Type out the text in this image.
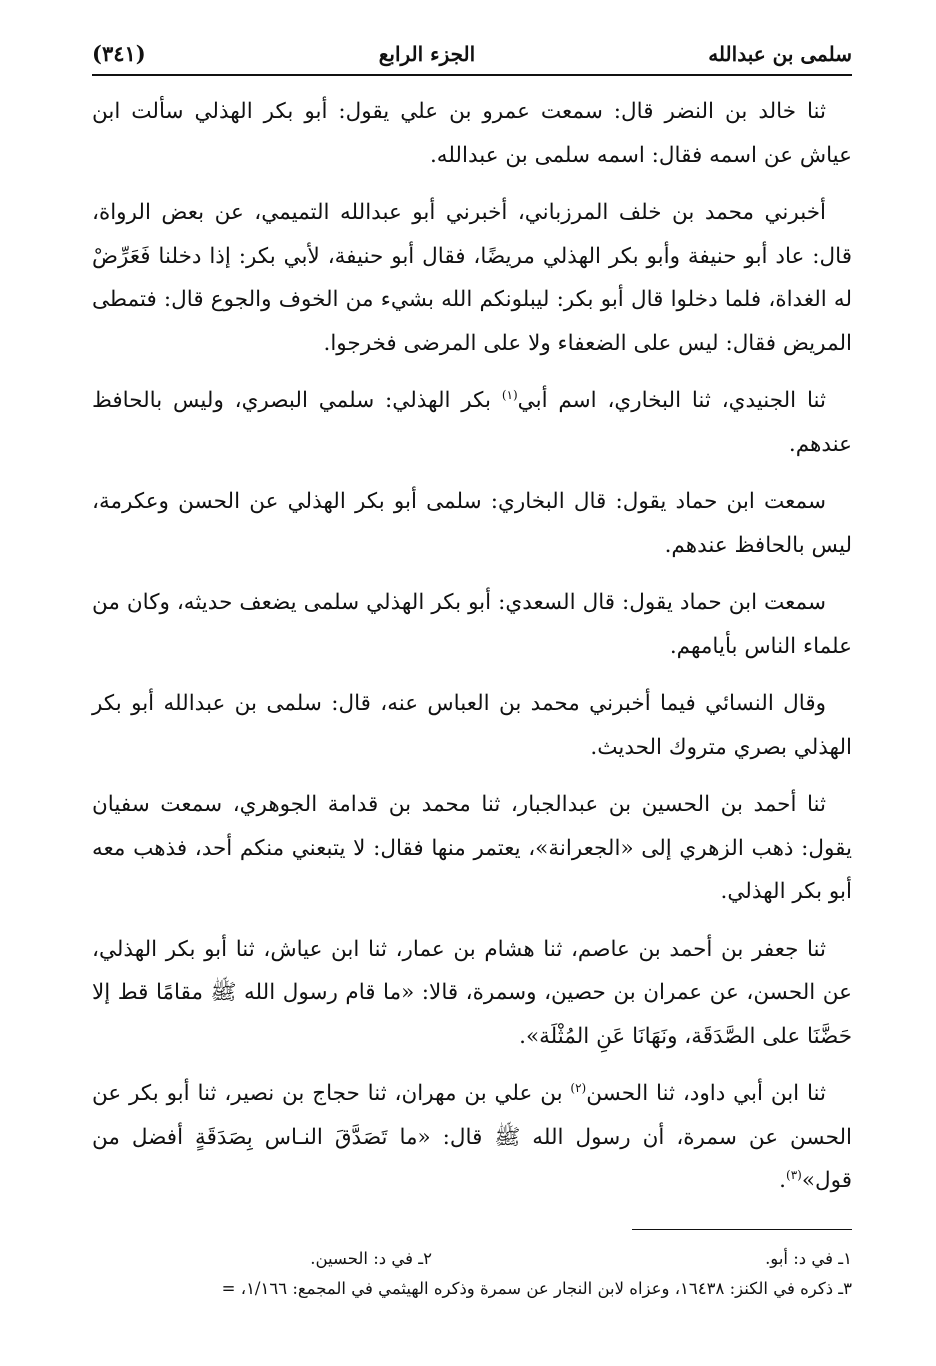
سلمى بن عبدالله
الجزء الرابع
(٣٤١)

ثنا خالد بن النضر قال: سمعت عمرو بن علي يقول: أبو بكر الهذلي سألت ابن عياش عن اسمه فقال: اسمه سلمى بن عبدالله.

أخبرني محمد بن خلف المرزباني، أخبرني أبو عبدالله التميمي، عن بعض الرواة، قال: عاد أبو حنيفة وأبو بكر الهذلي مريضًا، فقال أبو حنيفة، لأبي بكر: إذا دخلنا فَعَرِّضْ له الغداة، فلما دخلوا قال أبو بكر: ليبلونكم الله بشيء من الخوف والجوع قال: فتمطى المريض فقال: ليس على الضعفاء ولا على المرضى فخرجوا.

ثنا الجنيدي، ثنا البخاري، اسم أبي$^{(١)}$ بكر الهذلي: سلمي البصري، وليس بالحافظ عندهم.

سمعت ابن حماد يقول: قال البخاري: سلمى أبو بكر الهذلي عن الحسن وعكرمة، ليس بالحافظ عندهم.

سمعت ابن حماد يقول: قال السعدي: أبو بكر الهذلي سلمى يضعف حديثه، وكان من علماء الناس بأيامهم.

وقال النسائي فيما أخبرني محمد بن العباس عنه، قال: سلمى بن عبدالله أبو بكر الهذلي بصري متروك الحديث.

ثنا أحمد بن الحسين بن عبدالجبار، ثنا محمد بن قدامة الجوهري، سمعت سفيان يقول: ذهب الزهري إلى «الجعرانة»، يعتمر منها فقال: لا يتبعني منكم أحد، فذهب معه أبو بكر الهذلي.

ثنا جعفر بن أحمد بن عاصم، ثنا هشام بن عمار، ثنا ابن عياش، ثنا أبو بكر الهذلي، عن الحسن، عن عمران بن حصين، وسمرة، قالا: «ما قام رسول الله ﷺ مقامًا قط إلا حَضَّنَا على الصَّدَقَة، ونَهَانَا عَنِ المُثْلَة».

ثنا ابن أبي داود، ثنا الحسن$^{(٢)}$ بن علي بن مهران، ثنا حجاج بن نصير، ثنا أبو بكر عن الحسن عن سمرة، أن رسول الله ﷺ قال: «ما تَصَدَّقَ النـاس بِصَدَقَةٍ أفضل من قول»$^{(٣)}$.

١ـ في د: أبو.
٢ـ في د: الحسين.
٣ـ ذكره في الكنز: ١٦٤٣٨، وعزاه لابن النجار عن سمرة وذكره الهيثمي في المجمع: ١/١٦٦، =
